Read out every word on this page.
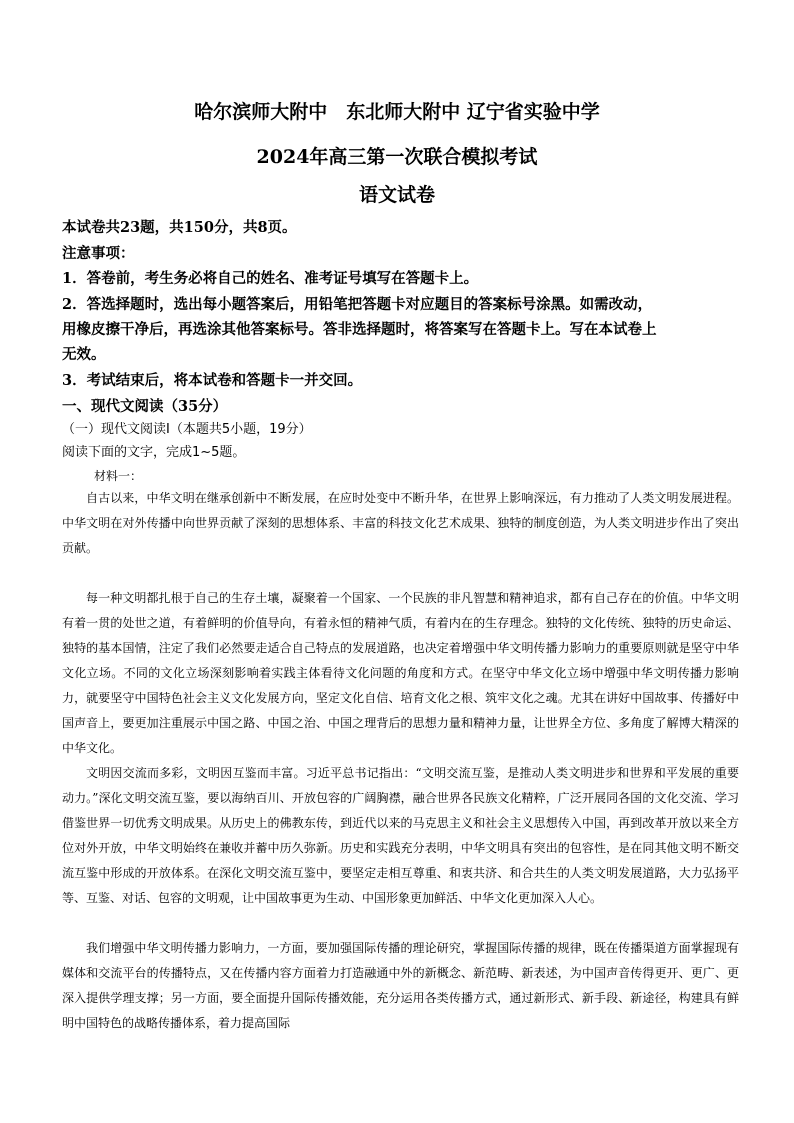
哈尔滨师大附中　东北师大附中 辽宁省实验中学
2024年高三第一次联合模拟考试
语文试卷
本试卷共23题，共150分，共8页。
注意事项：
1．答卷前，考生务必将自己的姓名、准考证号填写在答题卡上。
2．答选择题时，选出每小题答案后，用铅笔把答题卡对应题目的答案标号涂黑。如需改动，
用橡皮擦干净后，再选涂其他答案标号。答非选择题时，将答案写在答题卡上。写在本试卷上
无效。
3．考试结束后，将本试卷和答题卡一并交回。
一、现代文阅读（35分）
（一）现代文阅读Ⅰ（本题共5小题，19分）
阅读下面的文字，完成1~5题。
材料一：

自古以来，中华文明在继承创新中不断发展，在应时处变中不断升华，在世界上影响深远，有力推动了人类文明发展进程。中华文明在对外传播中向世界贡献了深刻的思想体系、丰富的科技文化艺术成果、独特的制度创造，为人类文明进步作出了突出贡献。

每一种文明都扎根于自己的生存土壤，凝聚着一个国家、一个民族的非凡智慧和精神追求，都有自己存在的价值。中华文明有着一贯的处世之道，有着鲜明的价值导向，有着永恒的精神气质，有着内在的生存理念。独特的文化传统、独特的历史命运、独特的基本国情，注定了我们必然要走适合自己特点的发展道路，也决定着增强中华文明传播力影响力的重要原则就是坚守中华文化立场。不同的文化立场深刻影响着实践主体看待文化问题的角度和方式。在坚守中华文化立场中增强中华文明传播力影响力，就要坚守中国特色社会主义文化发展方向，坚定文化自信、培育文化之根、筑牢文化之魂。尤其在讲好中国故事、传播好中国声音上，要更加注重展示中国之路、中国之治、中国之理背后的思想力量和精神力量，让世界全方位、多角度了解博大精深的中华文化。

文明因交流而多彩，文明因互鉴而丰富。习近平总书记指出：“文明交流互鉴，是推动人类文明进步和世界和平发展的重要动力。”深化文明交流互鉴，要以海纳百川、开放包容的广阔胸襟，融合世界各民族文化精粹，广泛开展同各国的文化交流、学习借鉴世界一切优秀文明成果。从历史上的佛教东传，到近代以来的马克思主义和社会主义思想传入中国，再到改革开放以来全方位对外开放，中华文明始终在兼收并蓄中历久弥新。历史和实践充分表明，中华文明具有突出的包容性，是在同其他文明不断交流互鉴中形成的开放体系。在深化文明交流互鉴中，要坚定走相互尊重、和衷共济、和合共生的人类文明发展道路，大力弘扬平等、互鉴、对话、包容的文明观，让中国故事更为生动、中国形象更加鲜活、中华文化更加深入人心。

我们增强中华文明传播力影响力，一方面，要加强国际传播的理论研究，掌握国际传播的规律，既在传播渠道方面掌握现有媒体和交流平台的传播特点，又在传播内容方面着力打造融通中外的新概念、新范畴、新表述，为中国声音传得更开、更广、更深入提供学理支撑；另一方面，要全面提升国际传播效能，充分运用各类传播方式，通过新形式、新手段、新途径，构建具有鲜明中国特色的战略传播体系，着力提高国际
